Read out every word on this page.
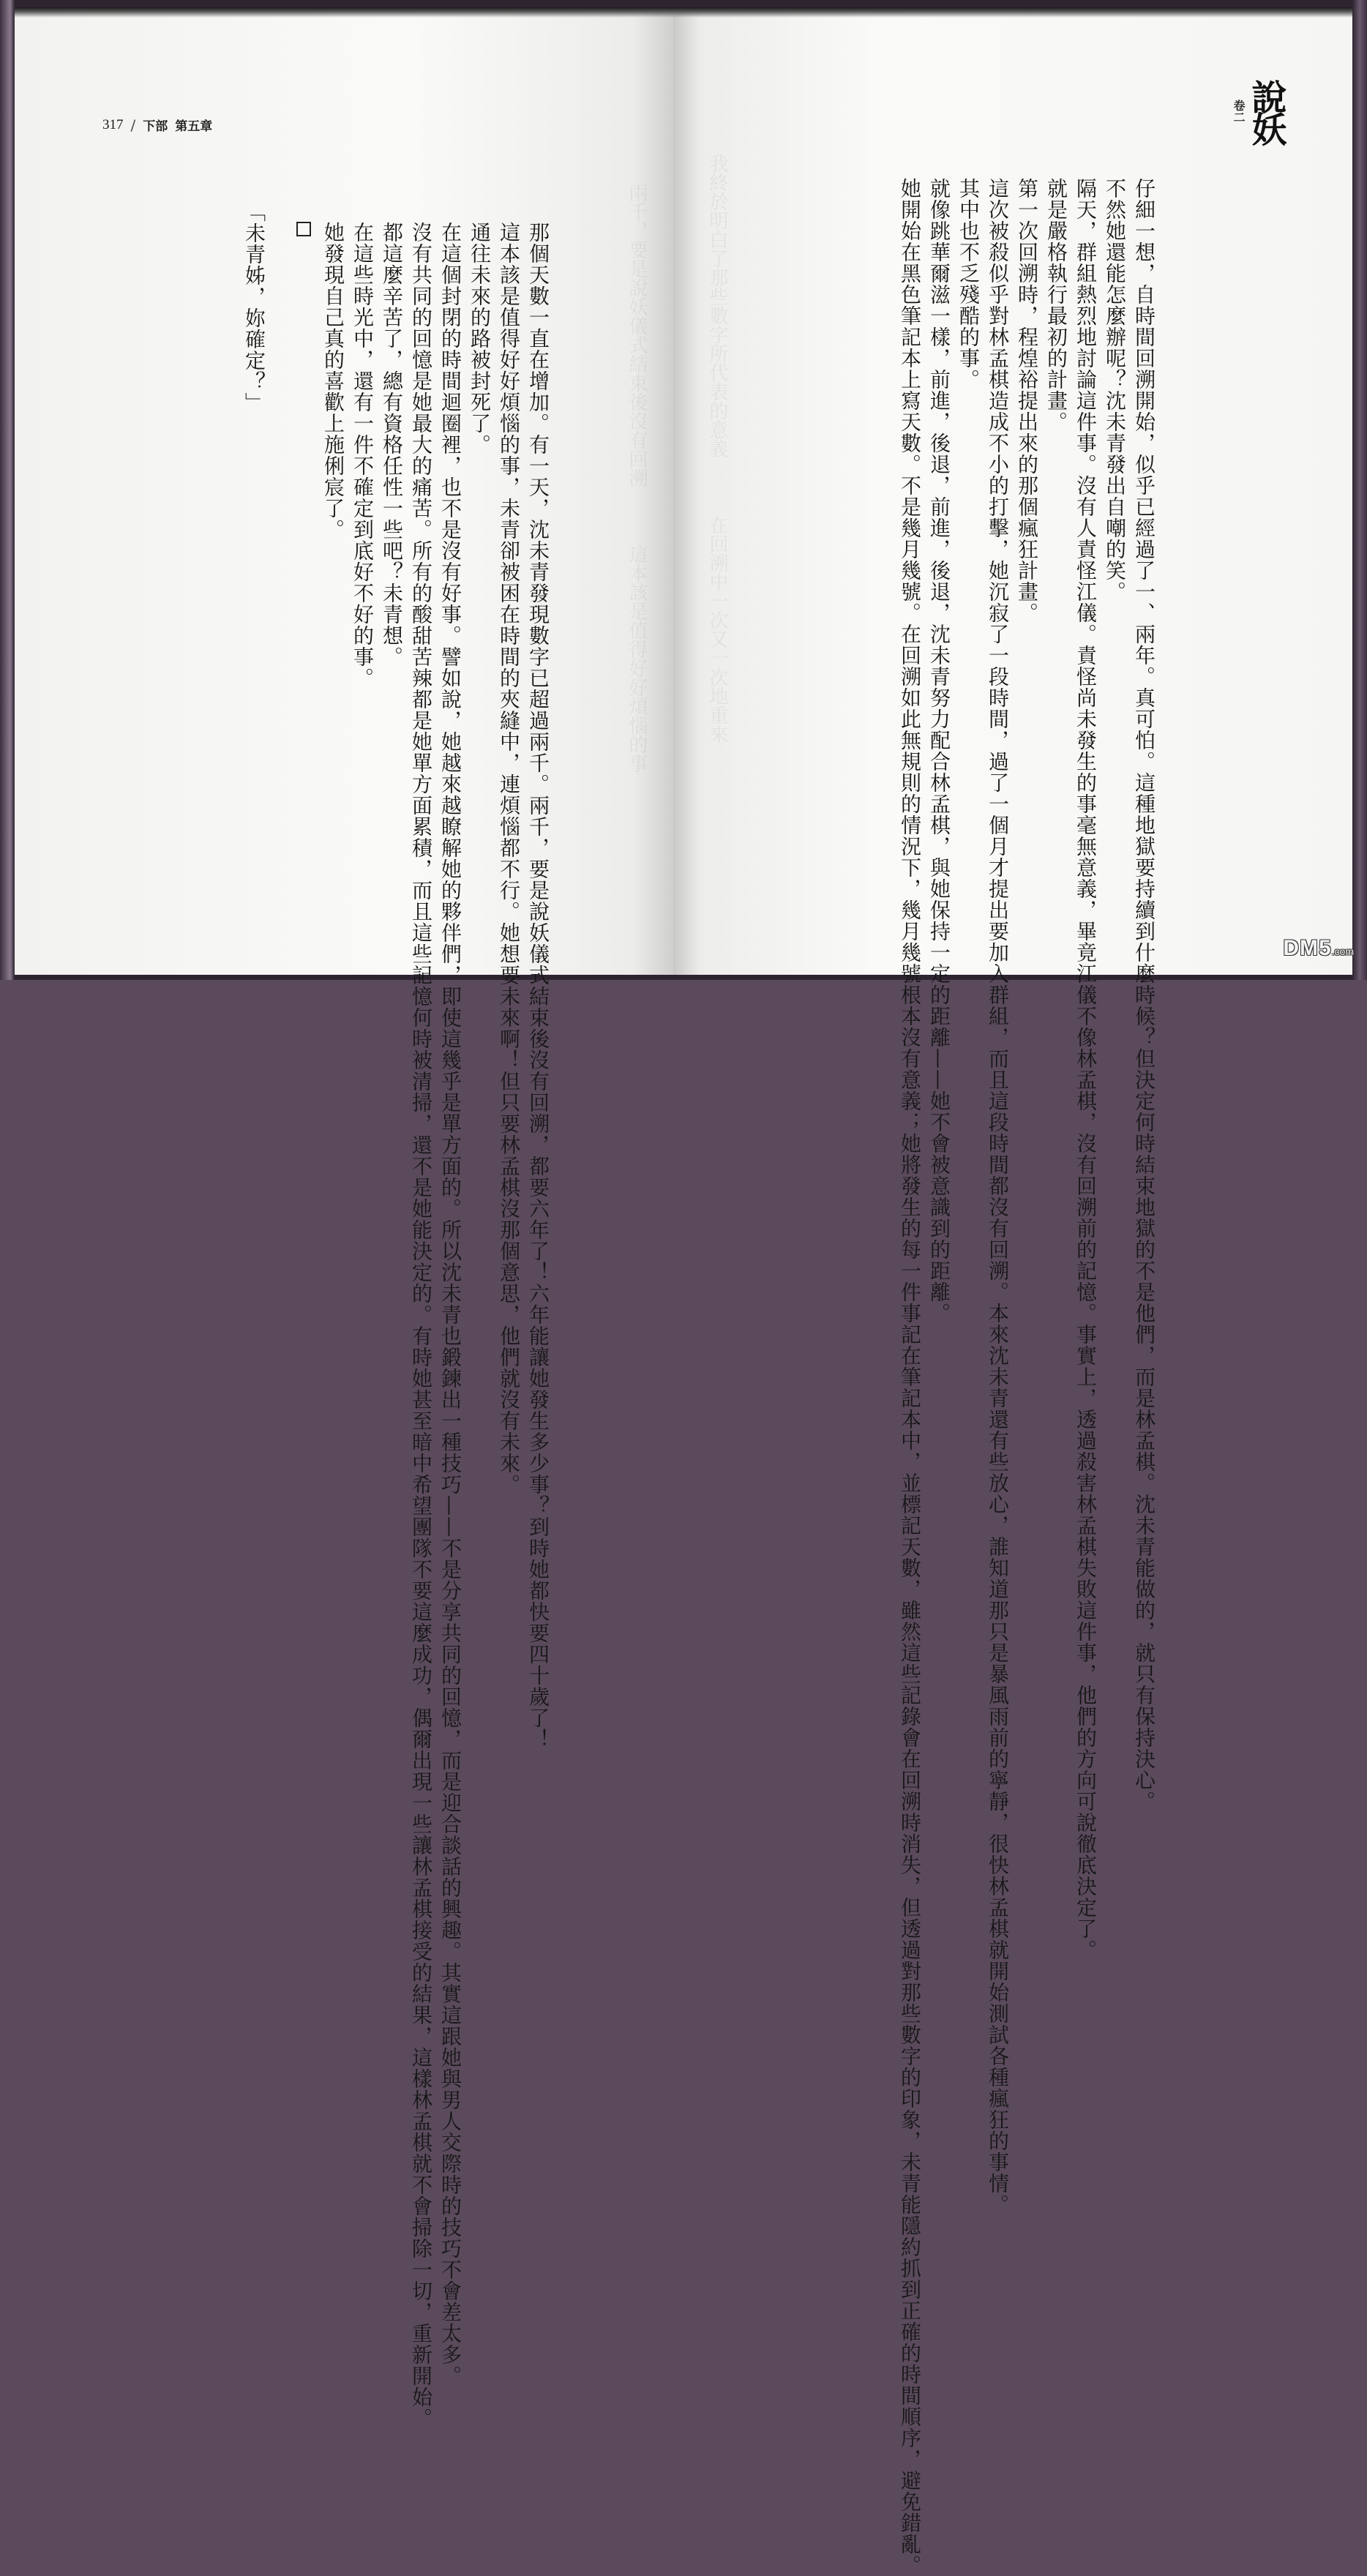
兩千，要是說妖儀式結束後沒有回溯　　　這本該是值得好好煩惱的事
317 / 下部 第五章

那個天數一直在增加。有一天，沈未青發現數字已超過兩千。兩千，要是說妖儀式結束後沒有回溯，都要六年了！六年能讓她發生多少事？到時她都快要四十歲了！

這本該是值得好好煩惱的事，未青卻被困在時間的夾縫中，連煩惱都不行。她想要未來啊！但只要林孟棋沒那個意思，他們就沒有未來。

通往未來的路被封死了。

在這個封閉的時間迴圈裡，也不是沒有好事。譬如說，她越來越瞭解她的夥伴們，即使這幾乎是單方面的。所以沈未青也鍛鍊出一種技巧——不是分享共同的回憶，而是迎合談話的興趣。其實這跟她與男人交際時的技巧不會差太多。

沒有共同的回憶是她最大的痛苦。所有的酸甜苦辣都是她單方面累積，而且這些記憶何時被清掃，還不是她能決定的。有時她甚至暗中希望團隊不要這麼成功，偶爾出現一些讓林孟棋接受的結果，這樣林孟棋就不會掃除一切，重新開始。

都這麼辛苦了，總有資格任性一些吧？未青想。

在這些時光中，還有一件不確定到底好不好的事。

她發現自己真的喜歡上施俐宸了。

「未青姊，妳確定？」	我終於明白了那些數字所代表的意義　　　在回溯中一次又一次地重來
說妖
卷二

仔細一想，自時間回溯開始，似乎已經過了一、兩年。真可怕。這種地獄要持續到什麼時候？但決定何時結束地獄的不是他們，而是林孟棋。沈未青能做的，就只有保持決心。

不然她還能怎麼辦呢？沈未青發出自嘲的笑。

隔天，群組熱烈地討論這件事。沒有人責怪江儀。責怪尚未發生的事毫無意義，畢竟江儀不像林孟棋，沒有回溯前的記憶。事實上，透過殺害林孟棋失敗這件事，他們的方向可說徹底決定了。

就是嚴格執行最初的計畫。

第一次回溯時，程煌裕提出來的那個瘋狂計畫。

這次被殺似乎對林孟棋造成不小的打擊，她沉寂了一段時間，過了一個月才提出要加入群組，而且這段時間都沒有回溯。本來沈未青還有些放心，誰知道那只是暴風雨前的寧靜，很快林孟棋就開始測試各種瘋狂的事情。

其中也不乏殘酷的事。

就像跳華爾滋一樣，前進，後退，前進，後退，沈未青努力配合林孟棋，與她保持一定的距離——她不會被意識到的距離。

她開始在黑色筆記本上寫天數。不是幾月幾號。在回溯如此無規則的情況下，幾月幾號根本沒有意義；她將發生的每一件事記在筆記本中，並標記天數，雖然這些記錄會在回溯時消失，但透過對那些數字的印象，未青能隱約抓到正確的時間順序，避免錯亂。	DM5.com
